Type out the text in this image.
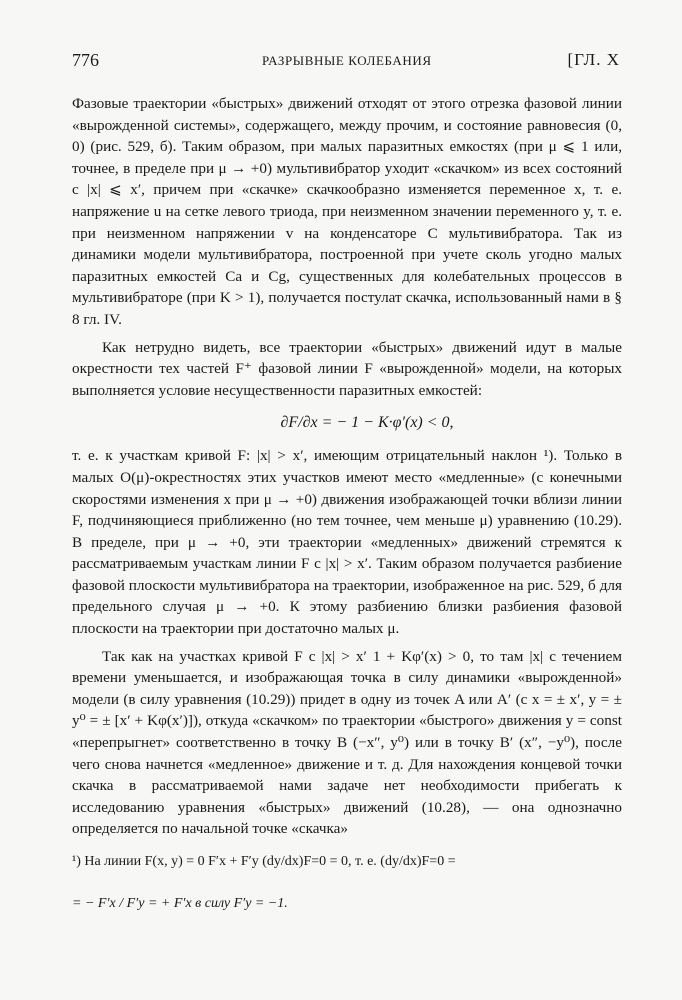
776	РАЗРЫВНЫЕ КОЛЕБАНИЯ	[ГЛ. X

Фазовые траектории «быстрых» движений отходят от этого отрезка фазовой линии «вырожденной системы», содержащего, между прочим, и состояние равновесия (0, 0) (рис. 529, б). Таким образом, при малых паразитных емкостях (при μ ⩽ 1 или, точнее, в пределе при μ → +0) мультивибратор уходит «скачком» из всех состояний с |x| ⩽ x′, причем при «скачке» скачкообразно изменяется переменное x, т. е. напряжение u на сетке левого триода, при неизменном значении переменного y, т. е. при неизменном напряжении v на конденсаторе C мультивибратора. Так из динамики модели мультивибратора, построенной при учете сколь угодно малых паразитных емкостей Ca и Cg, существенных для колебательных процессов в мультивибраторе (при K > 1), получается постулат скачка, использованный нами в § 8 гл. IV.

Как нетрудно видеть, все траектории «быстрых» движений идут в малые окрестности тех частей F⁺ фазовой линии F «вырожденной» модели, на которых выполняется условие несущественности паразитных емкостей:

∂F/∂x = − 1 − K·φ′(x) < 0,

т. е. к участкам кривой F: |x| > x′, имеющим отрицательный наклон ¹). Только в малых O(μ)-окрестностях этих участков имеют место «медленные» (с конечными скоростями изменения x при μ → +0) движения изображающей точки вблизи линии F, подчиняющиеся приближенно (но тем точнее, чем меньше μ) уравнению (10.29). В пределе, при μ → +0, эти траектории «медленных» движений стремятся к рассматриваемым участкам линии F с |x| > x′. Таким образом получается разбиение фазовой плоскости мультивибратора на траектории, изображенное на рис. 529, б для предельного случая μ → +0. К этому разбиению близки разбиения фазовой плоскости на траектории при достаточно малых μ.

Так как на участках кривой F с |x| > x′ 1 + Kφ′(x) > 0, то там |x| с течением времени уменьшается, и изображающая точка в силу динамики «вырожденной» модели (в силу уравнения (10.29)) придет в одну из точек A или A′ (с x = ± x′, y = ± y⁰ = ± [x′ + Kφ(x′)]), откуда «скачком» по траектории «быстрого» движения y = const «перепрыгнет» соответственно в точку B (−x″, y⁰) или в точку B′ (x″, −y⁰), после чего снова начнется «медленное» движение и т. д. Для нахождения концевой точки скачка в рассматриваемой нами задаче нет необходимости прибегать к исследованию уравнения «быстрых» движений (10.28), — она однозначно определяется по начальной точке «скачка»

¹) На линии F(x, y) = 0 F′x + F′y (dy/dx)F=0 = 0, т. е. (dy/dx)F=0 =
= − F′x / F′y = + F′x в силу F′y = −1.
